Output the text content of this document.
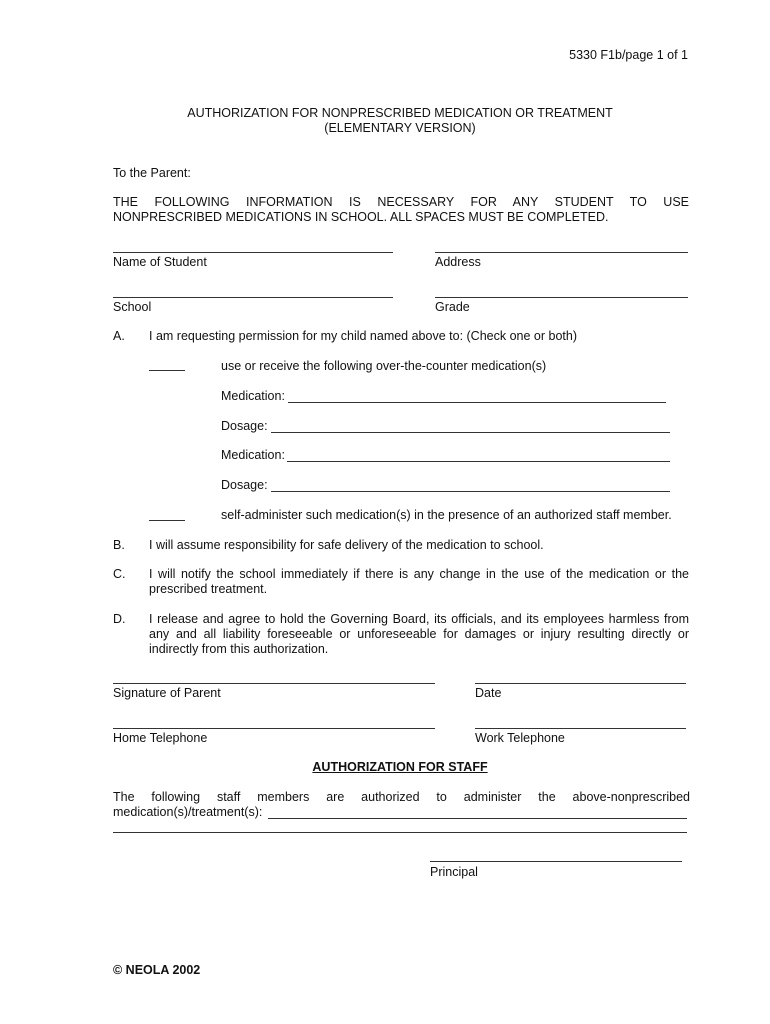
5330 F1b/page 1 of 1
AUTHORIZATION FOR NONPRESCRIBED MEDICATION OR TREATMENT
(ELEMENTARY VERSION)
To the Parent:
THE FOLLOWING INFORMATION IS NECESSARY FOR ANY STUDENT TO USE
NONPRESCRIBED MEDICATIONS IN SCHOOL. ALL SPACES MUST BE COMPLETED.
Name of Student	Address
School	Grade
A. I am requesting permission for my child named above to: (Check one or both)
use or receive the following over-the-counter medication(s)
Medication:
Dosage:
Medication:
Dosage:
self-administer such medication(s) in the presence of an authorized staff member.
B. I will assume responsibility for safe delivery of the medication to school.
C. I will notify the school immediately if there is any change in the use of the medication or the
prescribed treatment.
D. I release and agree to hold the Governing Board, its officials, and its employees harmless from
any and all liability foreseeable or unforeseeable for damages or injury resulting directly or
indirectly from this authorization.
Signature of Parent	Date
Home Telephone	Work Telephone
AUTHORIZATION FOR STAFF
The following staff members are authorized to administer the above-nonprescribed
medication(s)/treatment(s):
Principal
© NEOLA 2002
